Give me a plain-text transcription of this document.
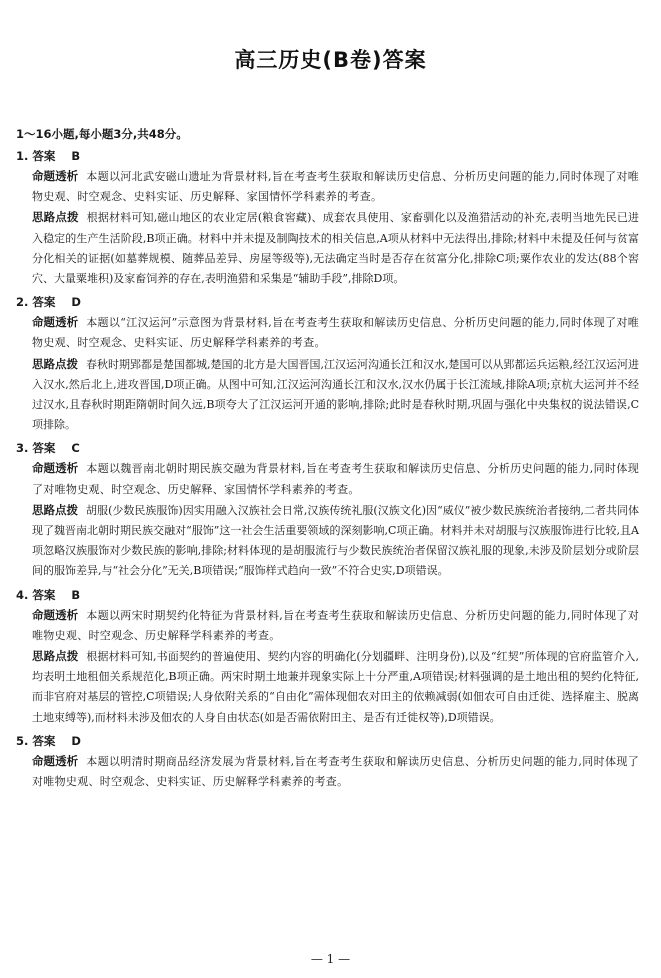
高三历史(B卷)答案
1～16小题,每小题3分,共48分。
1. 答案 B
命题透析 本题以河北武安磁山遗址为背景材料,旨在考查考生获取和解读历史信息、分析历史问题的能力,同时体现了对唯物史观、时空观念、史料实证、历史解释、家国情怀学科素养的考查。
思路点拨 根据材料可知,磁山地区的农业定居(粮食窖藏)、成套农具使用、家畜驯化以及渔猎活动的补充,表明当地先民已进入稳定的生产生活阶段,B项正确。材料中并未提及制陶技术的相关信息,A项从材料中无法得出,排除;材料中未提及任何与贫富分化相关的证据(如墓葬规模、随葬品差异、房屋等级等),无法确定当时是否存在贫富分化,排除C项;粟作农业的发达(88个窖穴、大量粟堆积)及家畜饲养的存在,表明渔猎和采集是“辅助手段”,排除D项。
2. 答案 D
命题透析 本题以“江汉运河”示意图为背景材料,旨在考查考生获取和解读历史信息、分析历史问题的能力,同时体现了对唯物史观、时空观念、史料实证、历史解释学科素养的考查。
思路点拨 春秋时期郢都是楚国都城,楚国的北方是大国晋国,江汉运河沟通长江和汉水,楚国可以从郢都运兵运粮,经江汉运河进入汉水,然后北上,进攻晋国,D项正确。从图中可知,江汉运河沟通长江和汉水,汉水仍属于长江流域,排除A项;京杭大运河并不经过汉水,且春秋时期距隋朝时间久远,B项夸大了江汉运河开通的影响,排除;此时是春秋时期,巩固与强化中央集权的说法错误,C项排除。
3. 答案 C
命题透析 本题以魏晋南北朝时期民族交融为背景材料,旨在考查考生获取和解读历史信息、分析历史问题的能力,同时体现了对唯物史观、时空观念、历史解释、家国情怀学科素养的考查。
思路点拨 胡服(少数民族服饰)因实用融入汉族社会日常,汉族传统礼服(汉族文化)因“威仪”被少数民族统治者接纳,二者共同体现了魏晋南北朝时期民族交融对“服饰”这一社会生活重要领域的深刻影响,C项正确。材料并未对胡服与汉族服饰进行比较,且A项忽略汉族服饰对少数民族的影响,排除;材料体现的是胡服流行与少数民族统治者保留汉族礼服的现象,未涉及阶层划分或阶层间的服饰差异,与“社会分化”无关,B项错误;“服饰样式趋向一致”不符合史实,D项错误。
4. 答案 B
命题透析 本题以两宋时期契约化特征为背景材料,旨在考查考生获取和解读历史信息、分析历史问题的能力,同时体现了对唯物史观、时空观念、历史解释学科素养的考查。
思路点拨 根据材料可知,书面契约的普遍使用、契约内容的明确化(分划疆畔、注明身份),以及“红契”所体现的官府监管介入,均表明土地租佃关系规范化,B项正确。两宋时期土地兼并现象实际上十分严重,A项错误;材料强调的是土地出租的契约化特征,而非官府对基层的管控,C项错误;人身依附关系的“自由化”需体现佃农对田主的依赖减弱(如佃农可自由迁徙、选择雇主、脱离土地束缚等),而材料未涉及佃农的人身自由状态(如是否需依附田主、是否有迁徙权等),D项错误。
5. 答案 D
命题透析 本题以明清时期商品经济发展为背景材料,旨在考查考生获取和解读历史信息、分析历史问题的能力,同时体现了对唯物史观、时空观念、史料实证、历史解释学科素养的考查。
— 1 —
